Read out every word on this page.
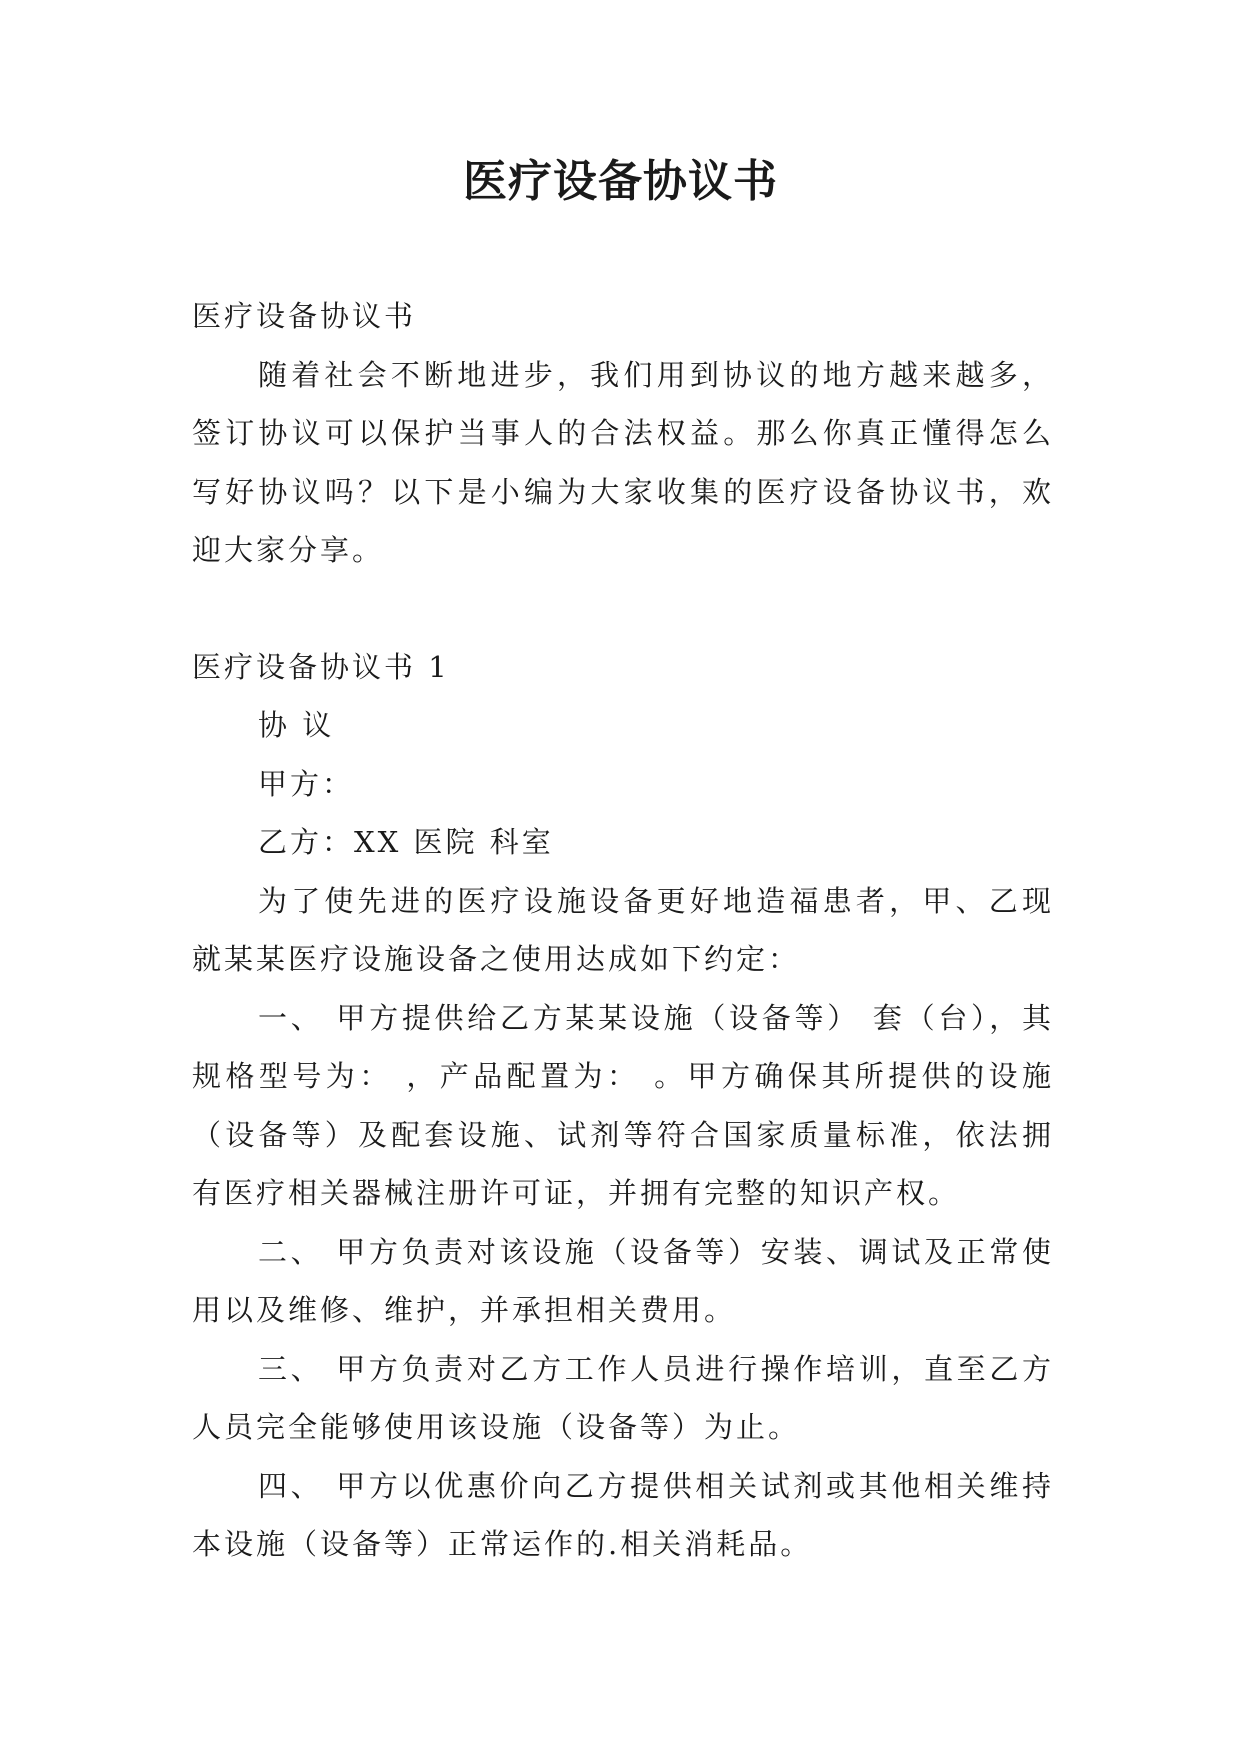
医疗设备协议书

医疗设备协议书

随着社会不断地进步，我们用到协议的地方越来越多，签订协议可以保护当事人的合法权益。那么你真正懂得怎么写好协议吗？以下是小编为大家收集的医疗设备协议书，欢迎大家分享。

医疗设备协议书 1

协 议

甲方：

乙方：XX 医院 科室

为了使先进的医疗设施设备更好地造福患者，甲、乙现就某某医疗设施设备之使用达成如下约定：

一、 甲方提供给乙方某某设施（设备等） 套（台），其规格型号为： ，产品配置为： 。甲方确保其所提供的设施（设备等）及配套设施、试剂等符合国家质量标准，依法拥有医疗相关器械注册许可证，并拥有完整的知识产权。

二、 甲方负责对该设施（设备等）安装、调试及正常使用以及维修、维护，并承担相关费用。

三、 甲方负责对乙方工作人员进行操作培训，直至乙方人员完全能够使用该设施（设备等）为止。

四、 甲方以优惠价向乙方提供相关试剂或其他相关维持本设施（设备等）正常运作的.相关消耗品。
